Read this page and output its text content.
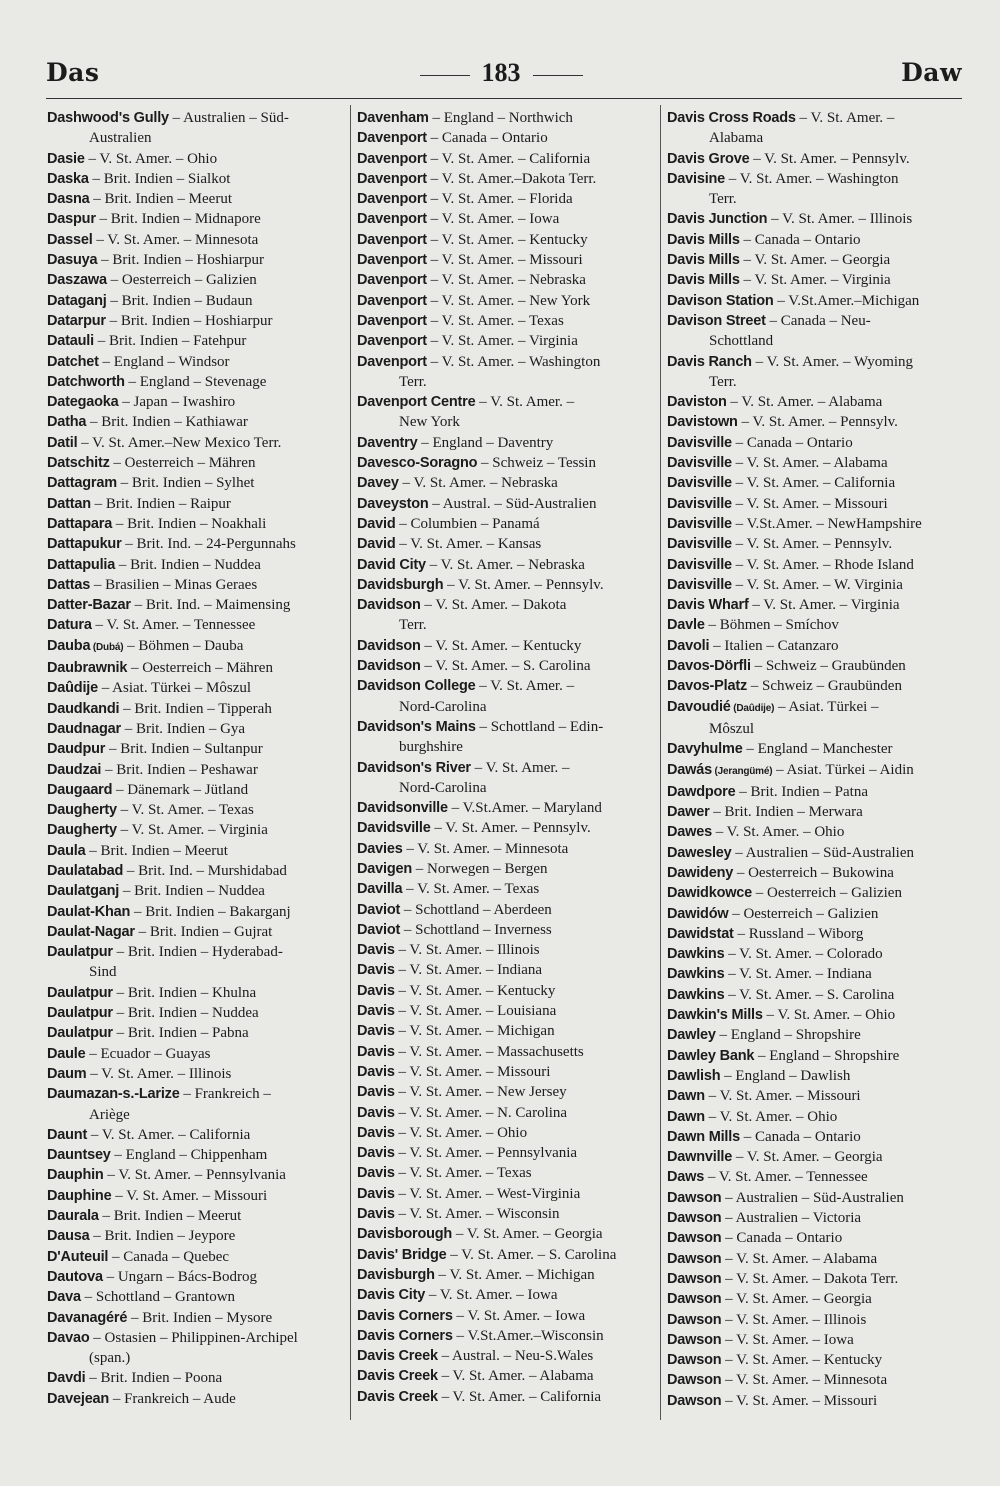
Das	183	Daw
Dashwood's Gully – Australien – Süd-
Australien
Dasie – V. St. Amer. – Ohio
Daska – Brit. Indien – Sialkot
Dasna – Brit. Indien – Meerut
Daspur – Brit. Indien – Midnapore
Dassel – V. St. Amer. – Minnesota
Dasuya – Brit. Indien – Hoshiarpur
Daszawa – Oesterreich – Galizien
Dataganj – Brit. Indien – Budaun
Datarpur – Brit. Indien – Hoshiarpur
Datauli – Brit. Indien – Fatehpur
Datchet – England – Windsor
Datchworth – England – Stevenage
Dategaoka – Japan – Iwashiro
Datha – Brit. Indien – Kathiawar
Datil – V. St. Amer.–New Mexico Terr.
Datschitz – Oesterreich – Mähren
Dattagram – Brit. Indien – Sylhet
Dattan – Brit. Indien – Raipur
Dattapara – Brit. Indien – Noakhali
Dattapukur – Brit. Ind. – 24-Pergunnahs
Dattapulia – Brit. Indien – Nuddea
Dattas – Brasilien – Minas Geraes
Datter-Bazar – Brit. Ind. – Maimensing
Datura – V. St. Amer. – Tennessee
Dauba (Dubá) – Böhmen – Dauba
Daubrawnik – Oesterreich – Mähren
Daûdije – Asiat. Türkei – Môszul
Daudkandi – Brit. Indien – Tipperah
Daudnagar – Brit. Indien – Gya
Daudpur – Brit. Indien – Sultanpur
Daudzai – Brit. Indien – Peshawar
Daugaard – Dänemark – Jütland
Daugherty – V. St. Amer. – Texas
Daugherty – V. St. Amer. – Virginia
Daula – Brit. Indien – Meerut
Daulatabad – Brit. Ind. – Murshidabad
Daulatganj – Brit. Indien – Nuddea
Daulat-Khan – Brit. Indien – Bakarganj
Daulat-Nagar – Brit. Indien – Gujrat
Daulatpur – Brit. Indien – Hyderabad-
Sind
Daulatpur – Brit. Indien – Khulna
Daulatpur – Brit. Indien – Nuddea
Daulatpur – Brit. Indien – Pabna
Daule – Ecuador – Guayas
Daum – V. St. Amer. – Illinois
Daumazan-s.-Larize – Frankreich –
Ariège
Daunt – V. St. Amer. – California
Dauntsey – England – Chippenham
Dauphin – V. St. Amer. – Pennsylvania
Dauphine – V. St. Amer. – Missouri
Daurala – Brit. Indien – Meerut
Dausa – Brit. Indien – Jeypore
D'Auteuil – Canada – Quebec
Dautova – Ungarn – Bács-Bodrog
Dava – Schottland – Grantown
Davanagéré – Brit. Indien – Mysore
Davao – Ostasien – Philippinen-Archipel
(span.)
Davdi – Brit. Indien – Poona
Davejean – Frankreich – Aude
Davenham – England – Northwich
Davenport – Canada – Ontario
Davenport – V. St. Amer. – California
Davenport – V. St. Amer.–Dakota Terr.
Davenport – V. St. Amer. – Florida
Davenport – V. St. Amer. – Iowa
Davenport – V. St. Amer. – Kentucky
Davenport – V. St. Amer. – Missouri
Davenport – V. St. Amer. – Nebraska
Davenport – V. St. Amer. – New York
Davenport – V. St. Amer. – Texas
Davenport – V. St. Amer. – Virginia
Davenport – V. St. Amer. – Washington
Terr.
Davenport Centre – V. St. Amer. –
New York
Daventry – England – Daventry
Davesco-Soragno – Schweiz – Tessin
Davey – V. St. Amer. – Nebraska
Daveyston – Austral. – Süd-Australien
David – Columbien – Panamá
David – V. St. Amer. – Kansas
David City – V. St. Amer. – Nebraska
Davidsburgh – V. St. Amer. – Pennsylv.
Davidson – V. St. Amer. – Dakota
Terr.
Davidson – V. St. Amer. – Kentucky
Davidson – V. St. Amer. – S. Carolina
Davidson College – V. St. Amer. –
Nord-Carolina
Davidson's Mains – Schottland – Edin-
burghshire
Davidson's River – V. St. Amer. –
Nord-Carolina
Davidsonville – V.St.Amer. – Maryland
Davidsville – V. St. Amer. – Pennsylv.
Davies – V. St. Amer. – Minnesota
Davigen – Norwegen – Bergen
Davilla – V. St. Amer. – Texas
Daviot – Schottland – Aberdeen
Daviot – Schottland – Inverness
Davis – V. St. Amer. – Illinois
Davis – V. St. Amer. – Indiana
Davis – V. St. Amer. – Kentucky
Davis – V. St. Amer. – Louisiana
Davis – V. St. Amer. – Michigan
Davis – V. St. Amer. – Massachusetts
Davis – V. St. Amer. – Missouri
Davis – V. St. Amer. – New Jersey
Davis – V. St. Amer. – N. Carolina
Davis – V. St. Amer. – Ohio
Davis – V. St. Amer. – Pennsylvania
Davis – V. St. Amer. – Texas
Davis – V. St. Amer. – West-Virginia
Davis – V. St. Amer. – Wisconsin
Davisborough – V. St. Amer. – Georgia
Davis' Bridge – V. St. Amer. – S. Carolina
Davisburgh – V. St. Amer. – Michigan
Davis City – V. St. Amer. – Iowa
Davis Corners – V. St. Amer. – Iowa
Davis Corners – V.St.Amer.–Wisconsin
Davis Creek – Austral. – Neu-S.Wales
Davis Creek – V. St. Amer. – Alabama
Davis Creek – V. St. Amer. – California
Davis Cross Roads – V. St. Amer. –
Alabama
Davis Grove – V. St. Amer. – Pennsylv.
Davisine – V. St. Amer. – Washington
Terr.
Davis Junction – V. St. Amer. – Illinois
Davis Mills – Canada – Ontario
Davis Mills – V. St. Amer. – Georgia
Davis Mills – V. St. Amer. – Virginia
Davison Station – V.St.Amer.–Michigan
Davison Street – Canada – Neu-
Schottland
Davis Ranch – V. St. Amer. – Wyoming
Terr.
Daviston – V. St. Amer. – Alabama
Davistown – V. St. Amer. – Pennsylv.
Davisville – Canada – Ontario
Davisville – V. St. Amer. – Alabama
Davisville – V. St. Amer. – California
Davisville – V. St. Amer. – Missouri
Davisville – V.St.Amer. – NewHampshire
Davisville – V. St. Amer. – Pennsylv.
Davisville – V. St. Amer. – Rhode Island
Davisville – V. St. Amer. – W. Virginia
Davis Wharf – V. St. Amer. – Virginia
Davle – Böhmen – Smíchov
Davoli – Italien – Catanzaro
Davos-Dörfli – Schweiz – Graubünden
Davos-Platz – Schweiz – Graubünden
Davoudié (Daûdije) – Asiat. Türkei –
Môszul
Davyhulme – England – Manchester
Dawás (Jerangümé) – Asiat. Türkei – Aidin
Dawdpore – Brit. Indien – Patna
Dawer – Brit. Indien – Merwara
Dawes – V. St. Amer. – Ohio
Dawesley – Australien – Süd-Australien
Dawideny – Oesterreich – Bukowina
Dawidkowce – Oesterreich – Galizien
Dawidów – Oesterreich – Galizien
Dawidstat – Russland – Wiborg
Dawkins – V. St. Amer. – Colorado
Dawkins – V. St. Amer. – Indiana
Dawkins – V. St. Amer. – S. Carolina
Dawkin's Mills – V. St. Amer. – Ohio
Dawley – England – Shropshire
Dawley Bank – England – Shropshire
Dawlish – England – Dawlish
Dawn – V. St. Amer. – Missouri
Dawn – V. St. Amer. – Ohio
Dawn Mills – Canada – Ontario
Dawnville – V. St. Amer. – Georgia
Daws – V. St. Amer. – Tennessee
Dawson – Australien – Süd-Australien
Dawson – Australien – Victoria
Dawson – Canada – Ontario
Dawson – V. St. Amer. – Alabama
Dawson – V. St. Amer. – Dakota Terr.
Dawson – V. St. Amer. – Georgia
Dawson – V. St. Amer. – Illinois
Dawson – V. St. Amer. – Iowa
Dawson – V. St. Amer. – Kentucky
Dawson – V. St. Amer. – Minnesota
Dawson – V. St. Amer. – Missouri
